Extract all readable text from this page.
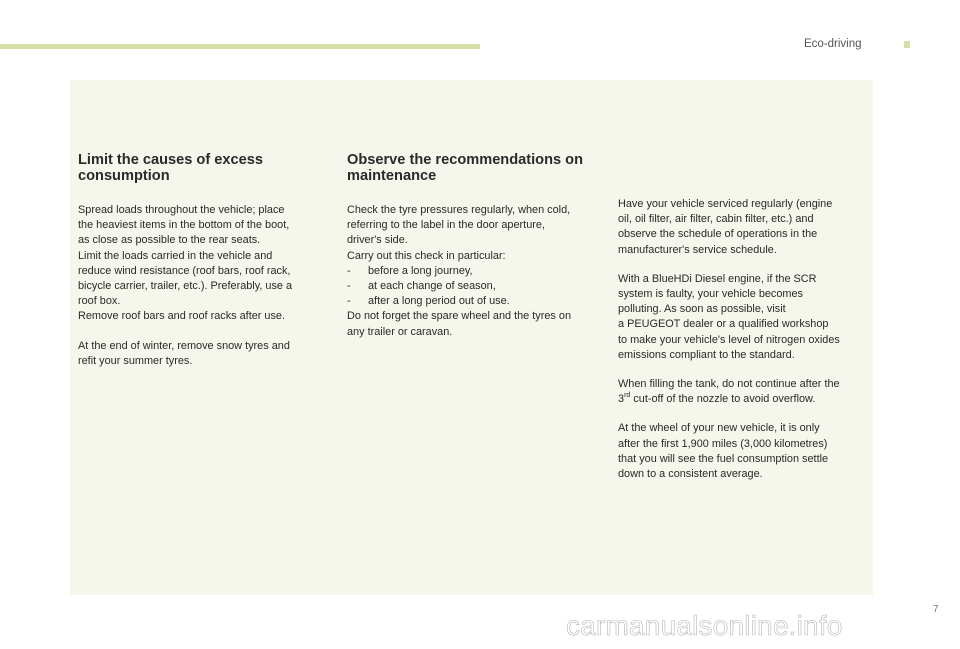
Eco-driving
Limit the causes of excess consumption

Spread loads throughout the vehicle; place
the heaviest items in the bottom of the boot,
as close as possible to the rear seats.
Limit the loads carried in the vehicle and
reduce wind resistance (roof bars, roof rack,
bicycle carrier, trailer, etc.). Preferably, use a
roof box.
Remove roof bars and roof racks after use.

At the end of winter, remove snow tyres and
refit your summer tyres.

Observe the recommendations on maintenance

Check the tyre pressures regularly, when cold,
referring to the label in the door aperture,
driver's side.
Carry out this check in particular:

- before a long journey,
- at each change of season,
- after a long period out of use.

Do not forget the spare wheel and the tyres on
any trailer or caravan.

Have your vehicle serviced regularly (engine
oil, oil filter, air filter, cabin filter, etc.) and
observe the schedule of operations in the
manufacturer's service schedule.

With a BlueHDi Diesel engine, if the SCR
system is faulty, your vehicle becomes
polluting. As soon as possible, visit
a PEUGEOT dealer or a qualified workshop
to make your vehicle's level of nitrogen oxides
emissions compliant to the standard.

When filling the tank, do not continue after the
3rd cut-off of the nozzle to avoid overflow.

At the wheel of your new vehicle, it is only
after the first 1,900 miles (3,000 kilometres)
that you will see the fuel consumption settle
down to a consistent average.

7
carmanualsonline.info
